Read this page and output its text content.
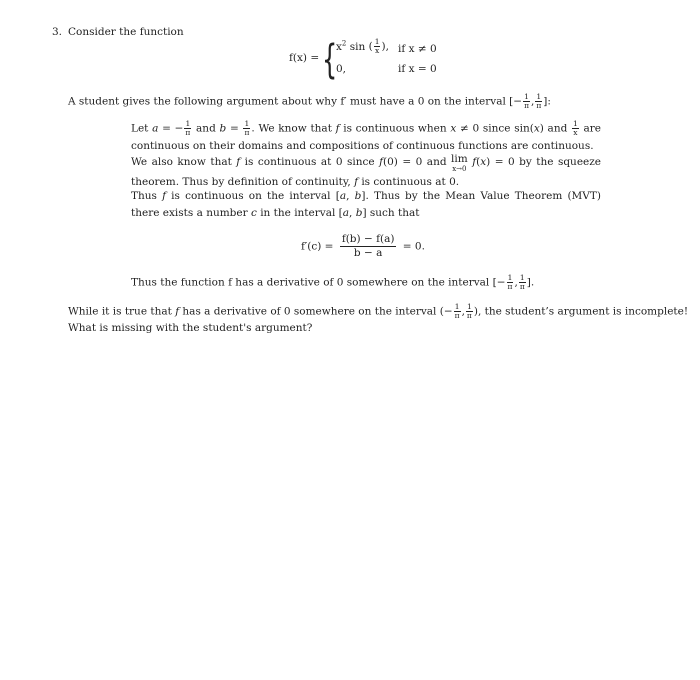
3. Consider the function
f(x) = {
$x^2$ sin ( $\frac{1}{x}$ ), if x ≠ 0
0,	if x = 0
A student gives the following argument about why f′ must have a 0 on the interval [− $\frac{1}{\pi}$ , $\frac{1}{\pi}$ ]:
Let a = − $\frac{1}{\pi}$ and $b = \frac{1}{\pi}$ . We know that f is continuous when x ≠ 0 since sin(x) and $\frac{1}{x}$ are continuous on their domains and compositions of continuous functions are continuous.
We also know that f is continuous at 0 since f(0) = 0 and lim
x→0
f(x) = 0 by the squeeze theorem. Thus by definition of continuity, f is continuous at 0.
Thus f is continuous on the interval [a, b]. Thus by the Mean Value Theorem (MVT) there exists a number c in the interval [a, b] such that
$f'(c) = \frac{f(b) - f(a)}{b - a} = 0$.
Thus the function f has a derivative of 0 somewhere on the interval [− $\frac{1}{\pi}$ , $\frac{1}{\pi}$ ].
While it is true that f has a derivative of 0 somewhere on the interval (− $\frac{1}{\pi}$ , $\frac{1}{\pi}$ ), the student’s argument is incomplete!
What is missing with the student's argument?
